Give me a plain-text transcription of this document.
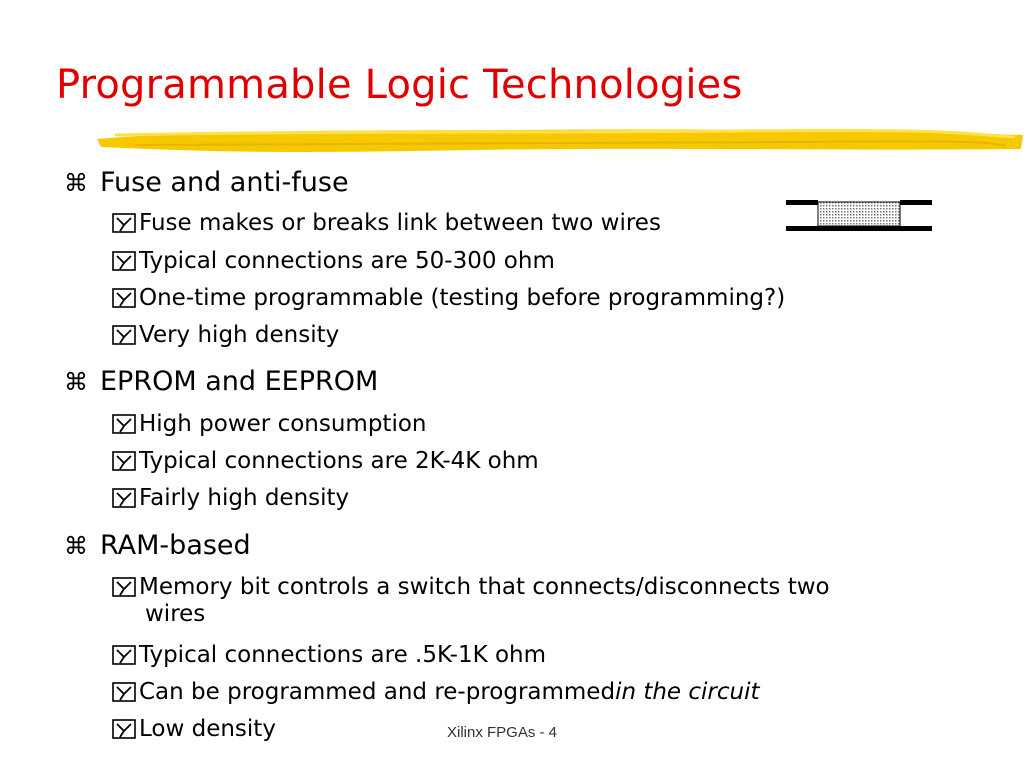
Programmable Logic Technologies
⌘ Fuse and anti-fuse
Fuse makes or breaks link between two wires
Typical connections are 50-300 ohm
One-time programmable (testing before programming?)
Very high density
⌘ EPROM and EEPROM
High power consumption
Typical connections are 2K-4K ohm
Fairly high density
⌘ RAM-based
Memory bit controls a switch that connects/disconnects two
wires
Typical connections are .5K-1K ohm
Can be programmed and re-programmedin the circuit
Low density	Xilinx FPGAs - 4
